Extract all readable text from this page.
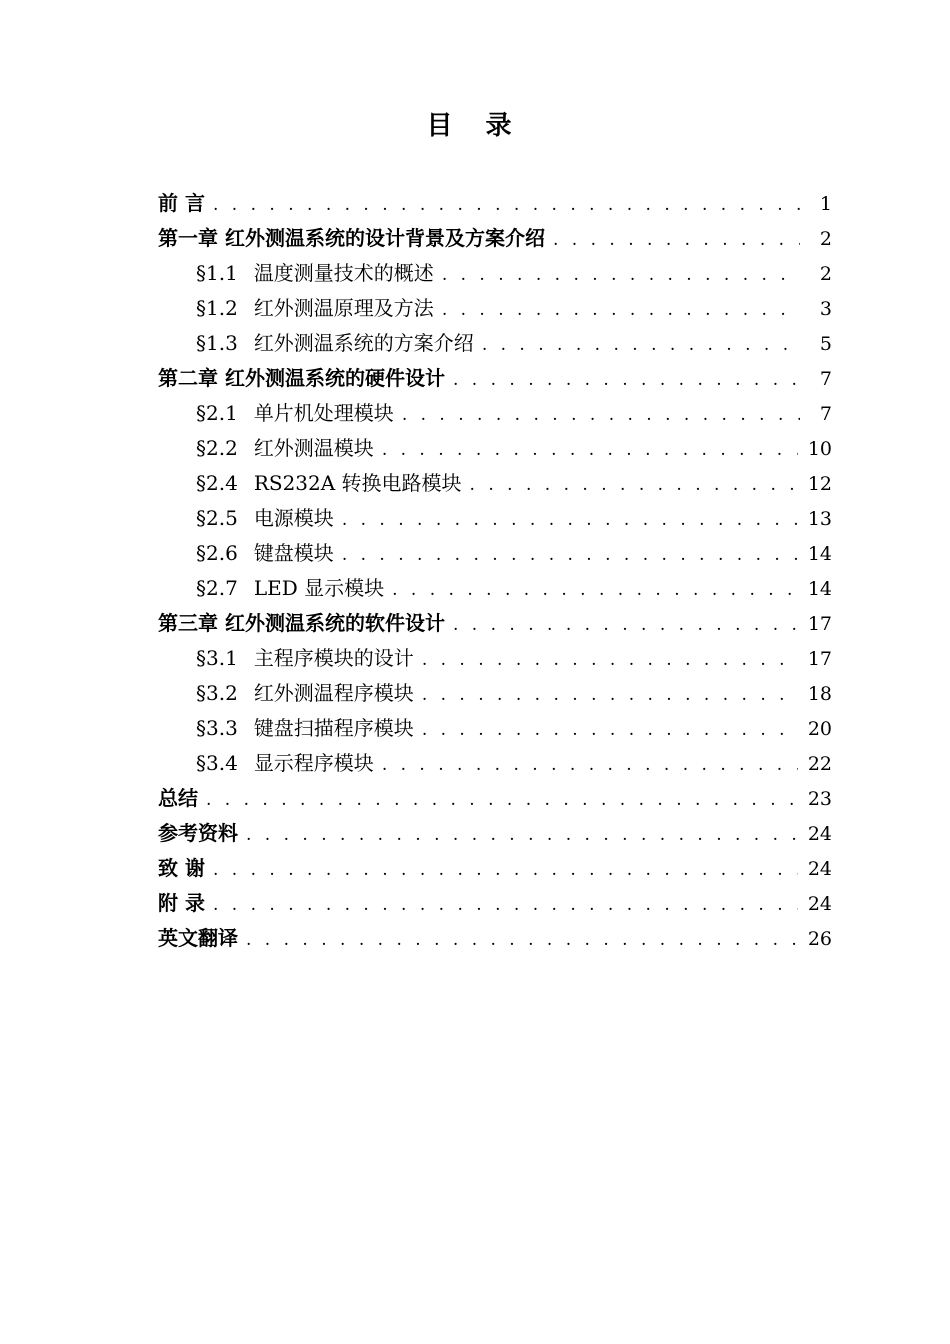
目 录
前 言 . . .	1
第一章 红外测温系统的设计背景及方案介绍 . . .	2
§1.1 温度测量技术的概述 . . .	2
§1.2 红外测温原理及方法 . . .	3
§1.3 红外测温系统的方案介绍 . . .	5
第二章 红外测温系统的硬件设计 . . .	7
§2.1 单片机处理模块 . . .	7
§2.2 红外测温模块 . . .	10
§2.4 RS232A 转换电路模块 . . .	12
§2.5 电源模块 . . .	13
§2.6 键盘模块 . . .	14
§2.7 LED 显示模块 . . .	14
第三章 红外测温系统的软件设计 . . .	17
§3.1 主程序模块的设计 . . .	17
§3.2 红外测温程序模块 . . .	18
§3.3 键盘扫描程序模块 . . .	20
§3.4 显示程序模块 . . .	22
总结 . . .	23
参考资料 . . .	24
致 谢 . . .	24
附 录 . . .	24
英文翻译 . . .	26
